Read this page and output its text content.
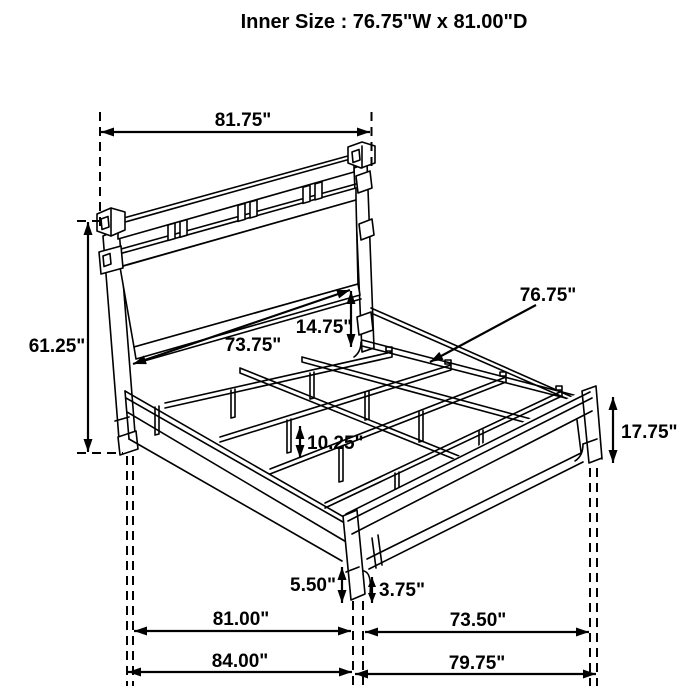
81.75"
61.25"	73.75"
14.75"
76.75"
10.25"
17.75"
5.50" 3.75"
81.00"	73.50"
84.00"	79.75"
Inner Size : 76.75"W x 81.00"D
